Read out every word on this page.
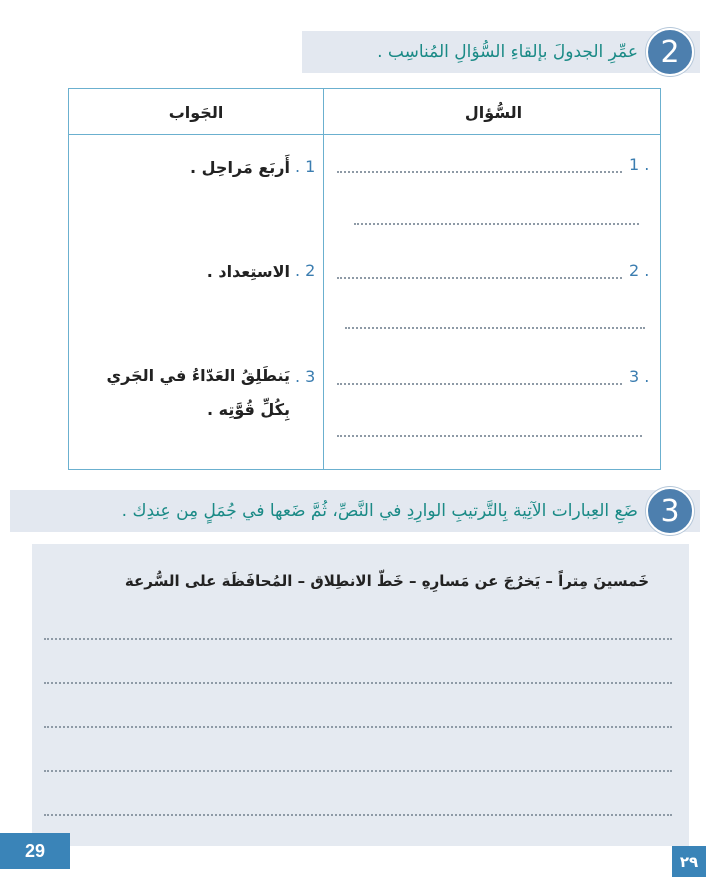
عمِّرِ الجدولَ بإلقاءِ السُّؤالِ المُناسِب . 2
السُّؤال
الجَواب
1 .
. 1
أَربَع مَراحِل .
2 .
. 2
الاستِعداد .
3 .
. 3
يَنطَلِقُ العَدّاءُ في الجَري بِكُلِّ قُوَّتِه .
ضَعِ العِبارات الآتِية بِالتَّرتيبِ الوارِدِ في النَّصِّ، ثُمَّ ضَعها في جُمَلٍ مِن عِندِك . 3
خَمسينَ مِتراً – يَخرُجَ عن مَسارِهِ – خَطّ الانطِلاق – المُحافَظَة على السُّرعة
29
٢٩
